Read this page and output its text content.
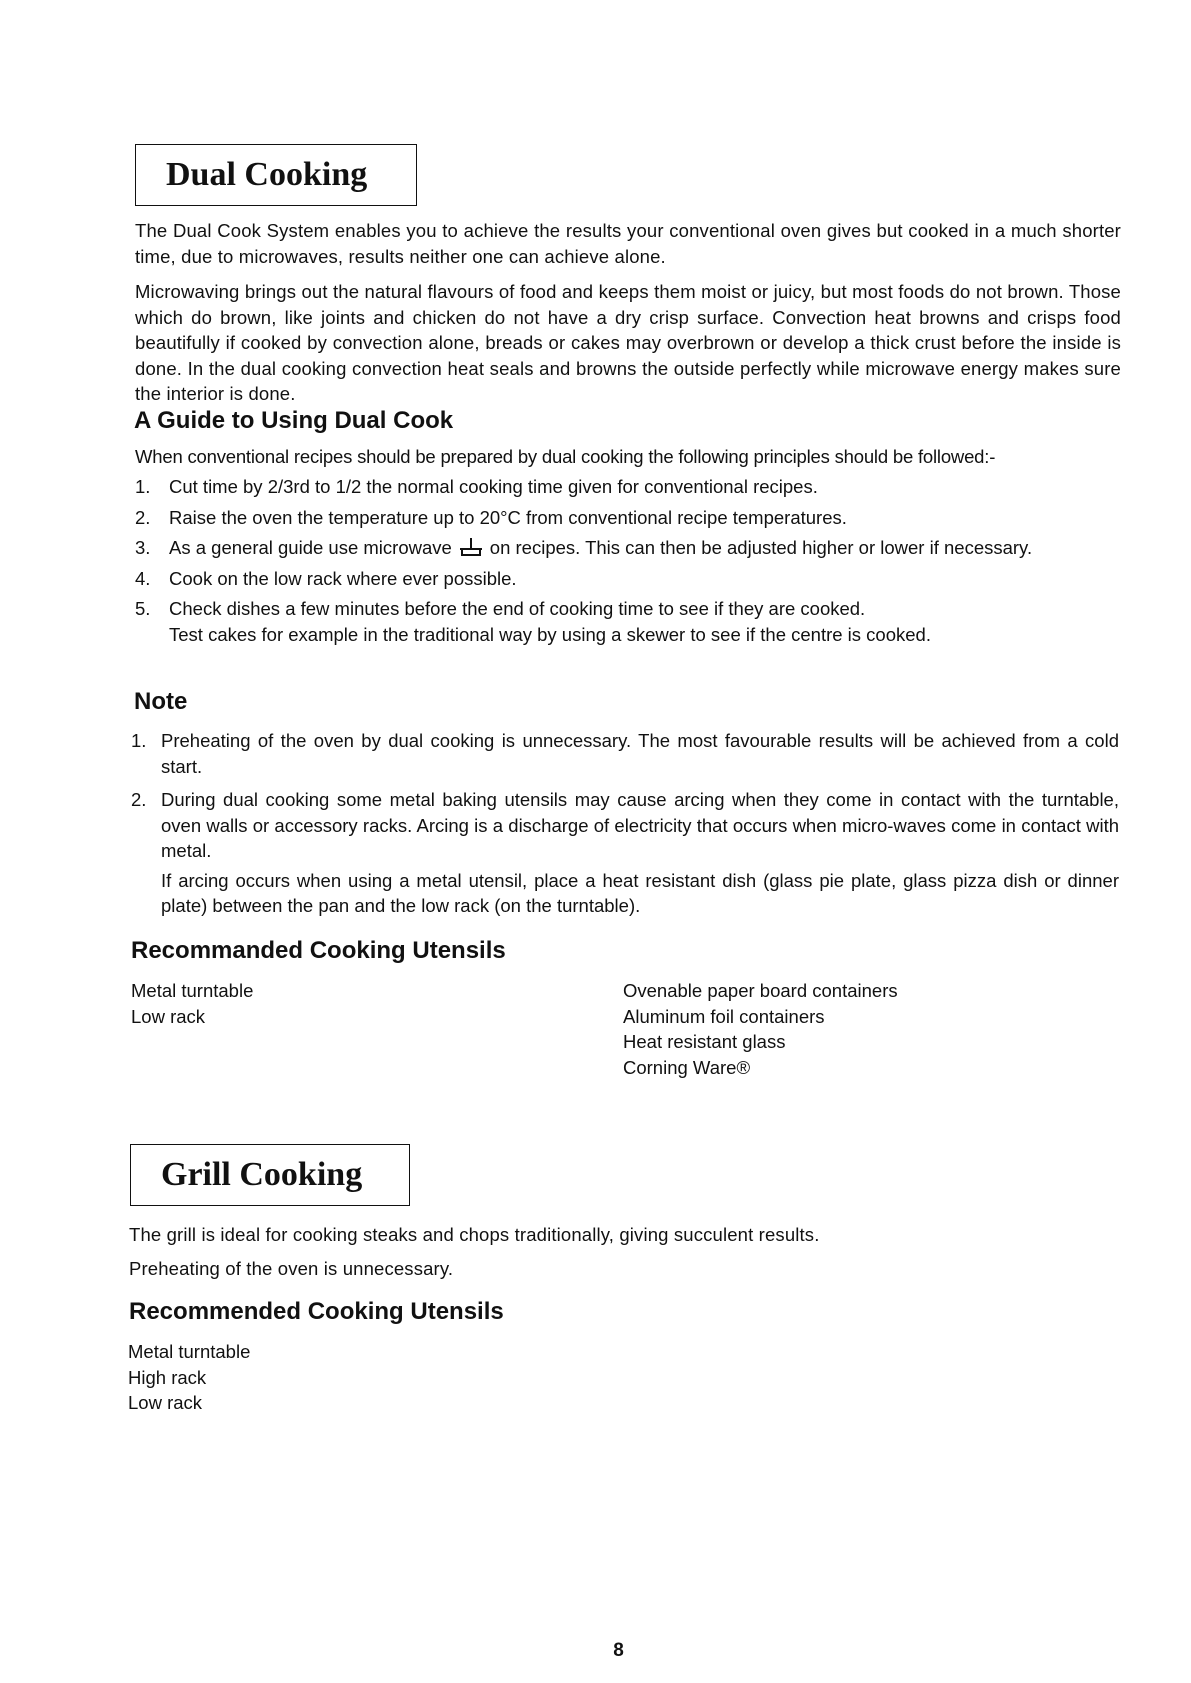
Dual Cooking
The Dual Cook System enables you to achieve the results your conventional oven gives but cooked in a much shorter time, due to microwaves, results neither one can achieve alone.
Microwaving brings out the natural flavours of food and keeps them moist or juicy, but most foods do not brown. Those which do brown, like joints and chicken do not have a dry crisp surface. Convection heat browns and crisps food beautifully if cooked by convection alone, breads or cakes may overbrown or develop a thick crust before the inside is done. In the dual cooking convection heat seals and browns the outside perfectly while microwave energy makes sure the interior is done.
A Guide to Using Dual Cook
When conventional recipes should be prepared by dual cooking the following principles should be followed:-
1. Cut time by 2/3rd to 1/2 the normal cooking time given for conventional recipes.

2. Raise the oven the temperature up to 20°C from conventional recipe temperatures.

3. As a general guide use microwave on recipes. This can then be adjusted higher or lower if necessary.

4. Cook on the low rack where ever possible.

5. Check dishes a few minutes before the end of cooking time to see if they are cooked.

Test cakes for example in the traditional way by using a skewer to see if the centre is cooked.

Note
1. Preheating of the oven by dual cooking is unnecessary. The most favourable results will be achieved from a cold start.

2. During dual cooking some metal baking utensils may cause arcing when they come in contact with the turntable, oven walls or accessory racks. Arcing is a discharge of electricity that occurs when micro-waves come in contact with metal.

If arcing occurs when using a metal utensil, place a heat resistant dish (glass pie plate, glass pizza dish or dinner plate) between the pan and the low rack (on the turntable).

Recommanded Cooking Utensils
Metal turntable
Low rack
Ovenable paper board containers
Aluminum foil containers
Heat resistant glass
Corning Ware®
Grill Cooking
The grill is ideal for cooking steaks and chops traditionally, giving succulent results.
Preheating of the oven is unnecessary.
Recommended Cooking Utensils
Metal turntable
High rack
Low rack
8
